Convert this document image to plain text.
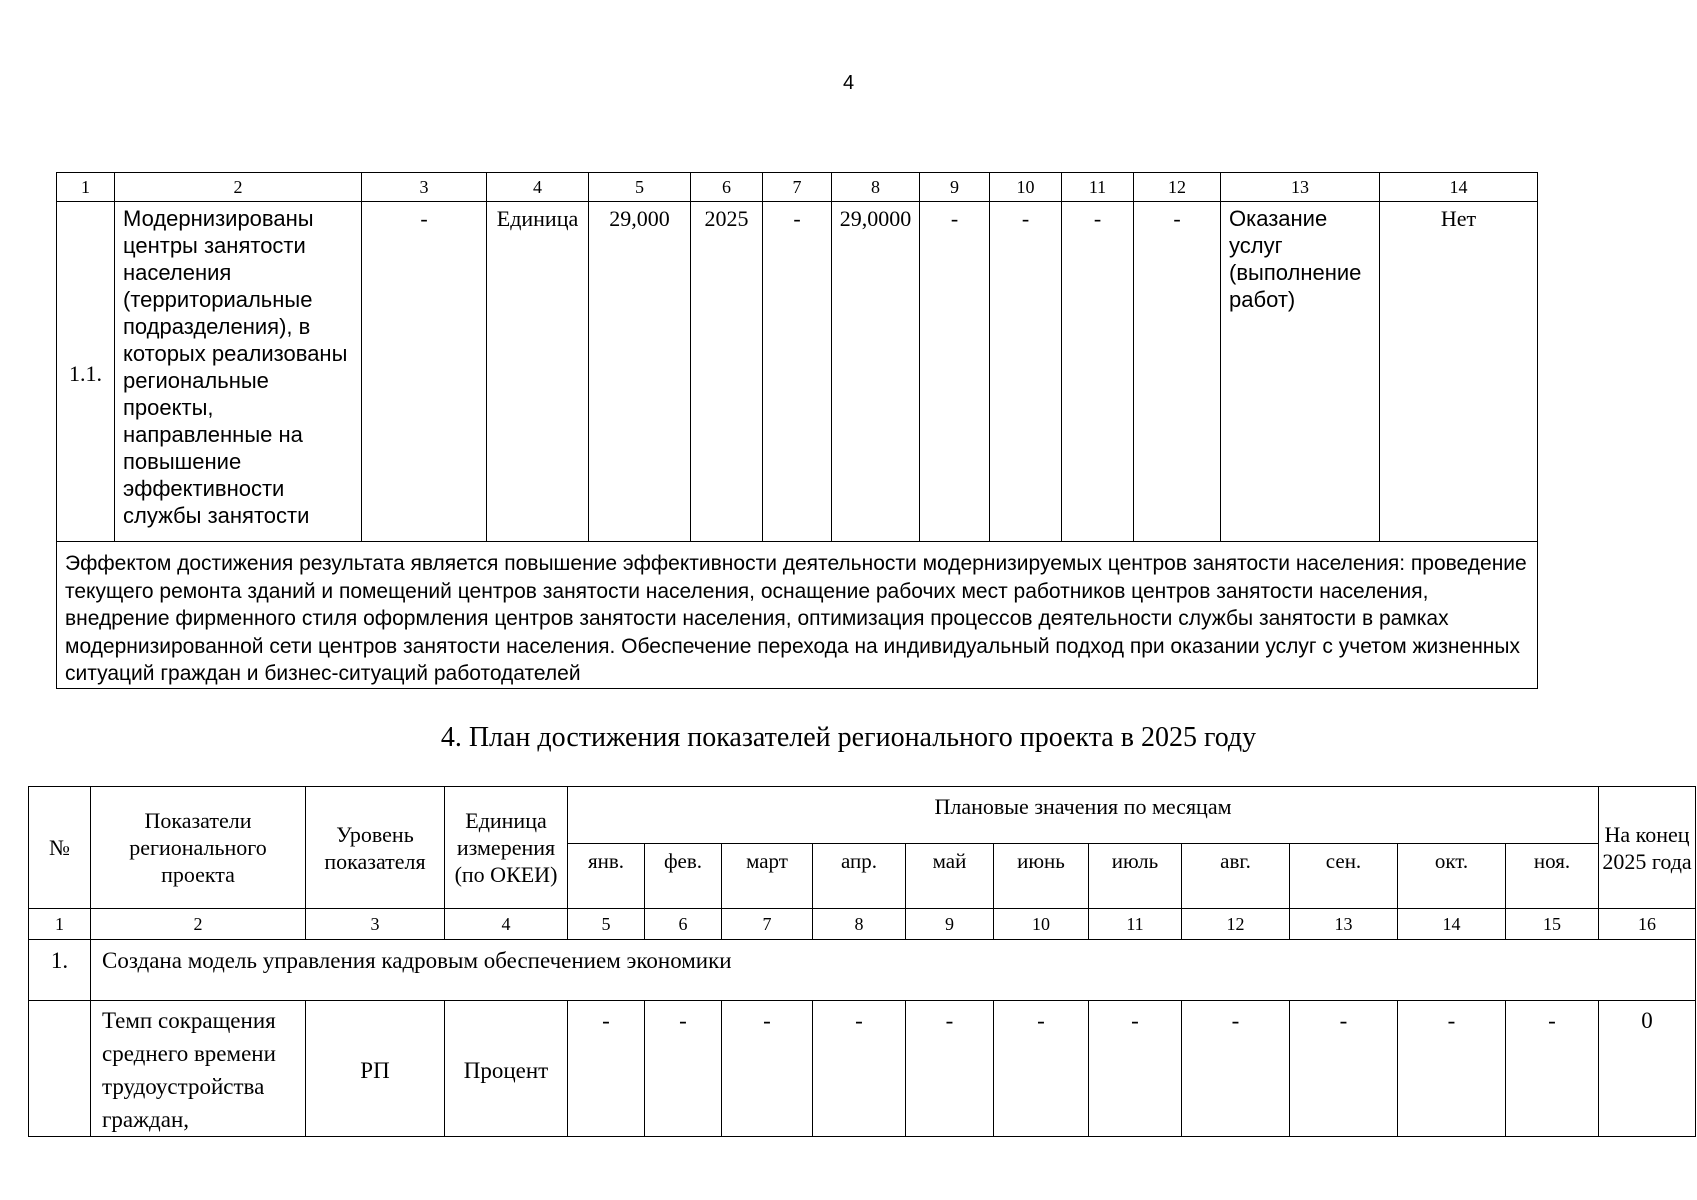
4
1	2	3	4	5	6	7	8	9	10	11	12	13	14
1.1.	Модернизированы центры занятости населения (территориальные подразделения), в которых реализованы региональные проекты, направленные на повышение эффективности службы занятости	-	Единица	29,000	2025	-	29,0000	-	-	-	-	Оказание услуг (выполнение работ)	Нет
Эффектом достижения результата является повышение эффективности деятельности модернизируемых центров занятости населения: проведение текущего ремонта зданий и помещений центров занятости населения, оснащение рабочих мест работников центров занятости населения, внедрение фирменного стиля оформления центров занятости населения, оптимизация процессов деятельности службы занятости в рамках модернизированной сети центров занятости населения. Обеспечение перехода на индивидуальный подход при оказании услуг с учетом жизненных ситуаций граждан и бизнес-ситуаций работодателей													
4. План достижения показателей регионального проекта в 2025 году
№	Показатели регионального проекта	Уровень показателя	Единица измерения (по ОКЕИ)	Плановые значения по месяцам											На конец 2025 года
				янв.	фев.	март	апр.	май	июнь	июль	авг.	сен.	окт.	ноя.	
1	2	3	4	5	6	7	8	9	10	11	12	13	14	15	16
1.	Создана модель управления кадровым обеспечением экономики														
	Темп сокращения среднего времени трудоустройства граждан,	РП	Процент	-	-	-	-	-	-	-	-	-	-	-	0
